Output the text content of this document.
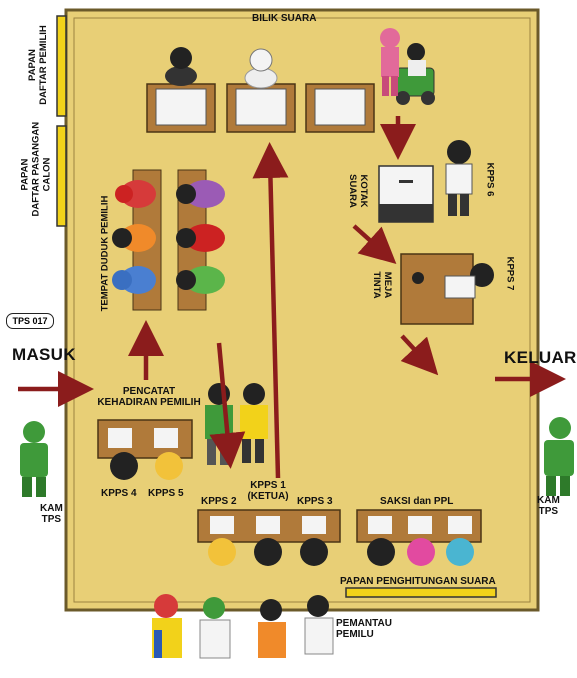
BILIK SUARA
PAPAN DAFTAR PEMILIH
PAPAN DAFTAR PASANGAN CALON
TEMPAT DUDUK PEMILIH
TPS 017
MASUK	KELUAR
PENCATAT
KEHADIRAN PEMILIH
KOTAK
SUARA
MEJA
TINTA
KPPS 6
KPPS 7
KPPS 4 KPPS 5
KPPS 2
KPPS 1
(KETUA) KPPS 3	SAKSI dan PPL
PAPAN PENGHITUNGAN SUARA
KAM
TPS
KAM
TPS
PEMANTAU
PEMILU
